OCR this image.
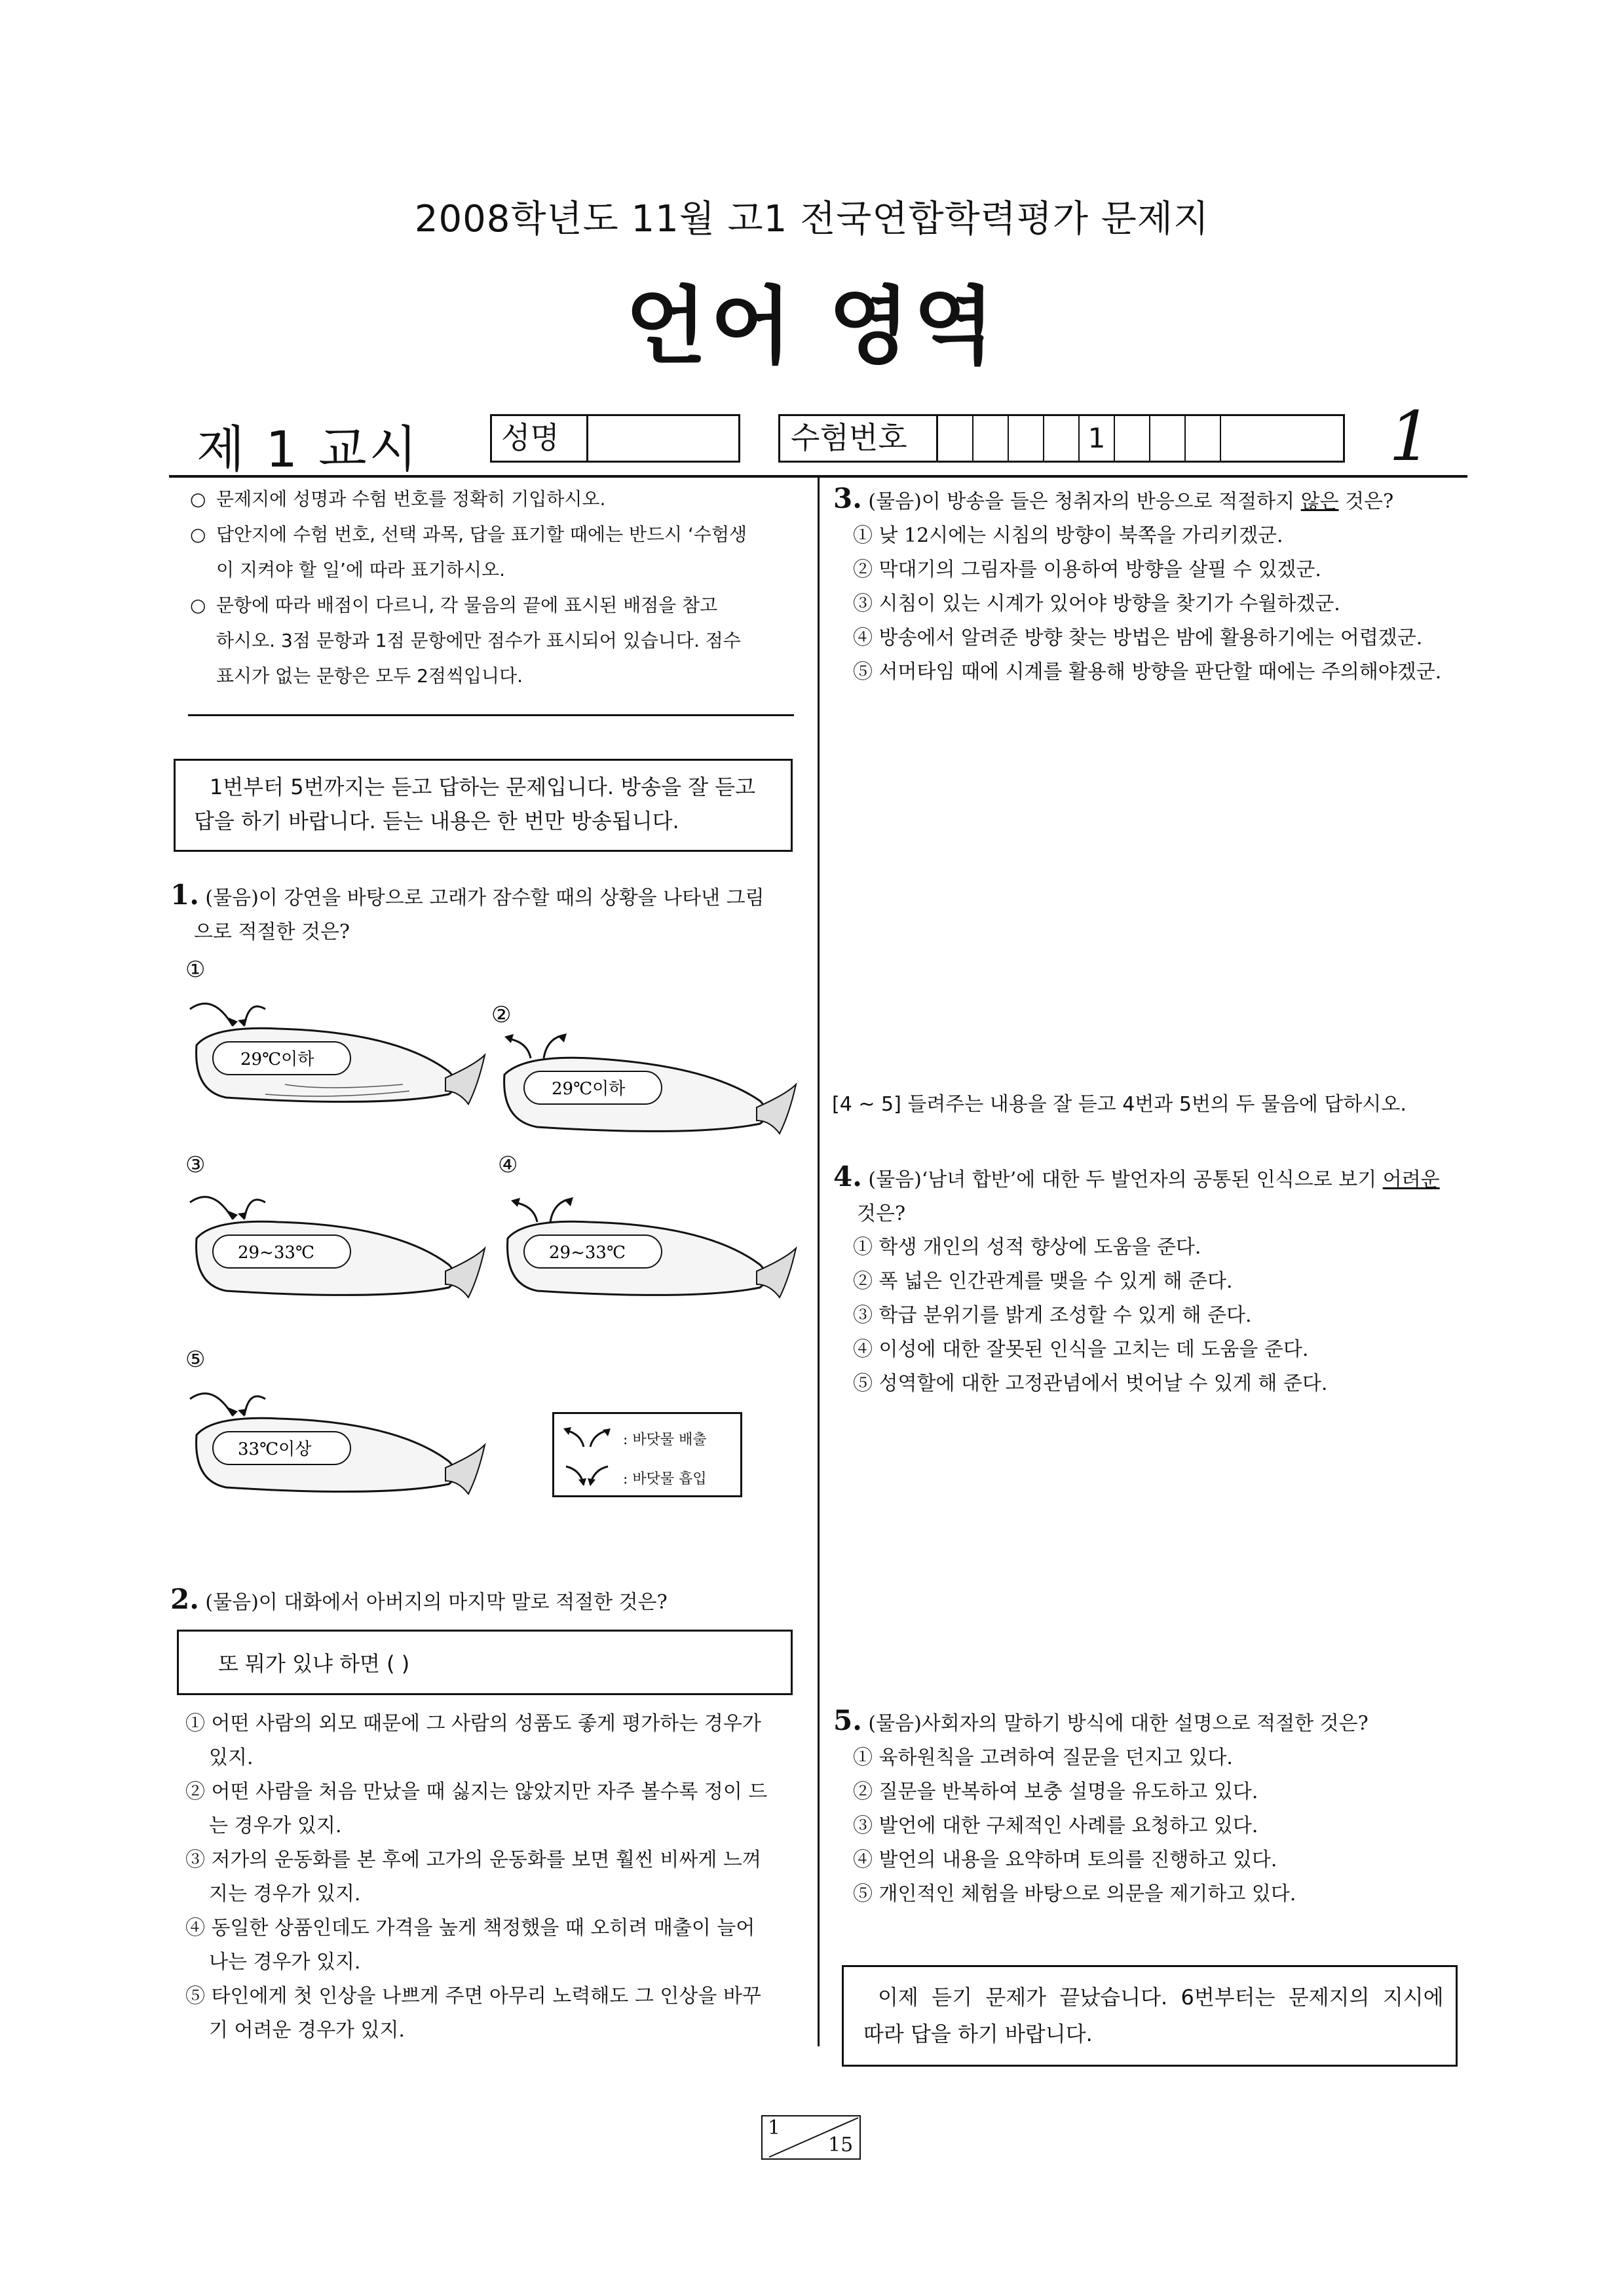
2008학년도 11월 고1 전국연합학력평가 문제지
언어 영역
제 1 교시	성명	수험번호	1	1
○ 문제지에 성명과 수험 번호를 정확히 기입하시오.
○ 답안지에 수험 번호, 선택 과목, 답을 표기할 때에는 반드시 ‘수험생
이 지켜야 할 일’에 따라 표기하시오.
○ 문항에 따라 배점이 다르니, 각 물음의 끝에 표시된 배점을 참고
하시오. 3점 문항과 1점 문항에만 점수가 표시되어 있습니다. 점수
표시가 없는 문항은 모두 2점씩입니다.
1번부터 5번까지는 듣고 답하는 문제입니다. 방송을 잘 듣고
답을 하기 바랍니다. 듣는 내용은 한 번만 방송됩니다.
1. (물음)이 강연을 바탕으로 고래가 잠수할 때의 상황을 나타낸 그림
으로 적절한 것은?
①
③	④
⑤
29℃이하
②
29℃이하
29~33℃	29~33℃
33℃이상	: 바닷물 배출
: 바닷물 흡입
2. (물음)이 대화에서 아버지의 마지막 말로 적절한 것은?
또 뭐가 있냐 하면 ( )
① 어떤 사람의 외모 때문에 그 사람의 성품도 좋게 평가하는 경우가
있지.
② 어떤 사람을 처음 만났을 때 싫지는 않았지만 자주 볼수록 정이 드
는 경우가 있지.
③ 저가의 운동화를 본 후에 고가의 운동화를 보면 훨씬 비싸게 느껴
지는 경우가 있지.
④ 동일한 상품인데도 가격을 높게 책정했을 때 오히려 매출이 늘어
나는 경우가 있지.
⑤ 타인에게 첫 인상을 나쁘게 주면 아무리 노력해도 그 인상을 바꾸
기 어려운 경우가 있지.
3. (물음)이 방송을 들은 청취자의 반응으로 적절하지 않은 것은?
① 낮 12시에는 시침의 방향이 북쪽을 가리키겠군.
② 막대기의 그림자를 이용하여 방향을 살필 수 있겠군.
③ 시침이 있는 시계가 있어야 방향을 찾기가 수월하겠군.
④ 방송에서 알려준 방향 찾는 방법은 밤에 활용하기에는 어렵겠군.
⑤ 서머타임 때에 시계를 활용해 방향을 판단할 때에는 주의해야겠군.
[4 ~ 5] 들려주는 내용을 잘 듣고 4번과 5번의 두 물음에 답하시오.
4. (물음)‘남녀 합반’에 대한 두 발언자의 공통된 인식으로 보기 어려운
것은?
① 학생 개인의 성적 향상에 도움을 준다.
② 폭 넓은 인간관계를 맺을 수 있게 해 준다.
③ 학급 분위기를 밝게 조성할 수 있게 해 준다.
④ 이성에 대한 잘못된 인식을 고치는 데 도움을 준다.
⑤ 성역할에 대한 고정관념에서 벗어날 수 있게 해 준다.
5. (물음)사회자의 말하기 방식에 대한 설명으로 적절한 것은?
① 육하원칙을 고려하여 질문을 던지고 있다.
② 질문을 반복하여 보충 설명을 유도하고 있다.
③ 발언에 대한 구체적인 사례를 요청하고 있다.
④ 발언의 내용을 요약하며 토의를 진행하고 있다.
⑤ 개인적인 체험을 바탕으로 의문을 제기하고 있다.
이제  듣기  문제가  끝났습니다.  6번부터는  문제지의  지시에
따라 답을 하기 바랍니다.
1
15
